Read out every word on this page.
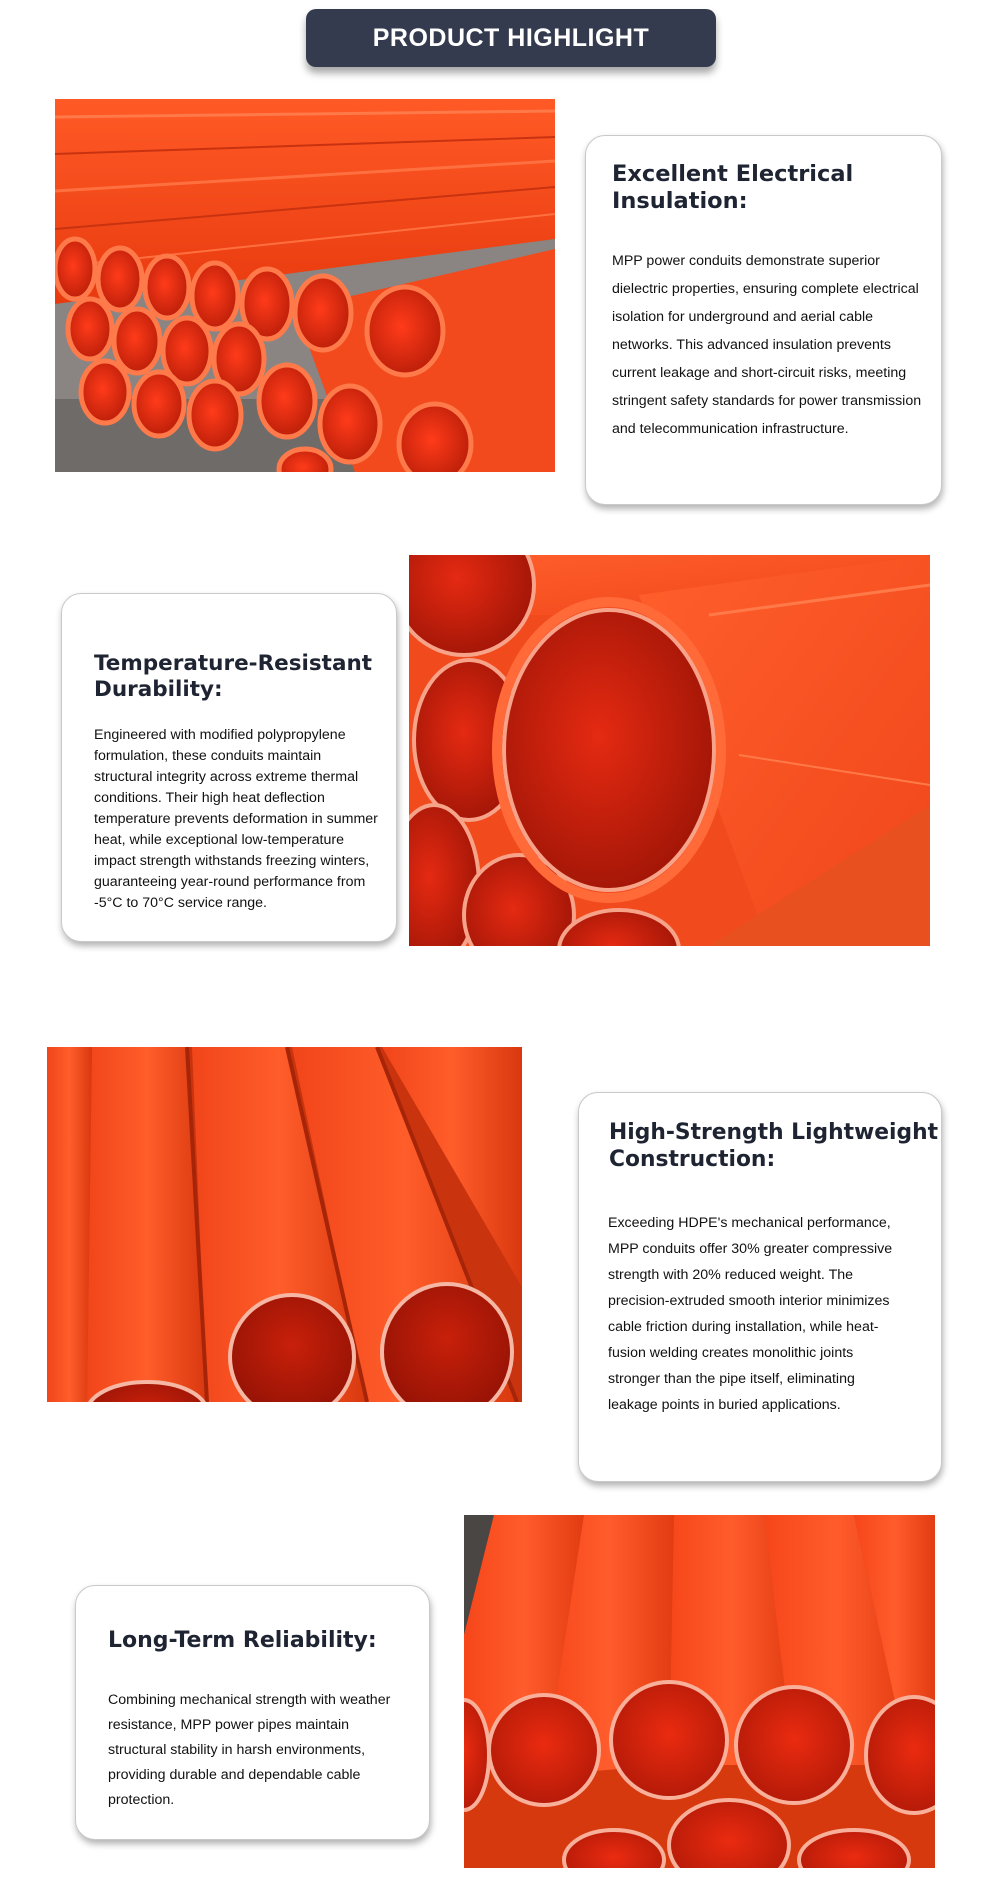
PRODUCT HIGHLIGHT
Excellent Electrical Insulation:

MPP power conduits demonstrate superior dielectric properties, ensuring complete electrical isolation for underground and aerial cable networks. This advanced insulation prevents current leakage and short-circuit risks, meeting stringent safety standards for power transmission and telecommunication infrastructure.

Temperature-Resistant Durability:

Engineered with modified polypropylene formulation, these conduits maintain structural integrity across extreme thermal conditions. Their high heat deflection temperature prevents deformation in summer heat, while exceptional low-temperature impact strength withstands freezing winters, guaranteeing year-round performance from -5°C to 70°C service range.

High-Strength Lightweight Construction:

Exceeding HDPE's mechanical performance, MPP conduits offer 30% greater compressive strength with 20% reduced weight. The precision-extruded smooth interior minimizes cable friction during installation, while heat-fusion welding creates monolithic joints stronger than the pipe itself, eliminating leakage points in buried applications.

Long-Term Reliability:

Combining mechanical strength with weather resistance, MPP power pipes maintain structural stability in harsh environments, providing durable and dependable cable protection.
